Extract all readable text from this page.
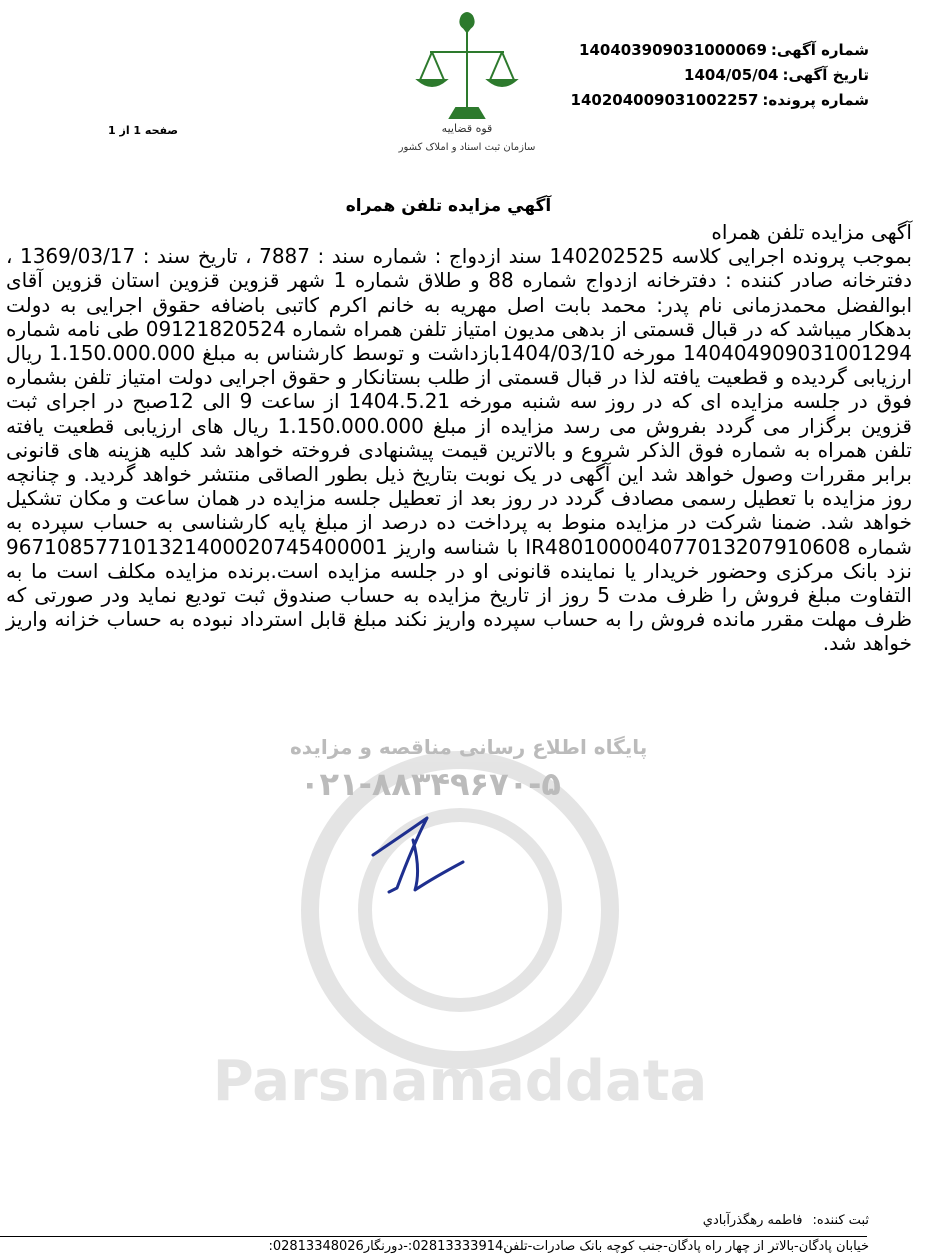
شماره آگهی:140403909031000069
تاریخ آگهی:1404/05/04
شماره پرونده:140204009031002257
صفحه 1 از 1	قوه قضاییه
سازمان ثبت اسناد و املاک کشور
آگهي مزايده تلفن همراه
Parsnamaddata
پایگاه اطلاع رسانی مناقصه و مزایده
۰۲۱-۸۸۳۴۹۶۷۰-۵

آگهی مزایده تلفن همراه

بموجب پرونده اجرایی کلاسه 140202525 سند ازدواج : شماره سند : 7887 ، تاریخ سند : 1369/03/17 ، دفترخانه صادر کننده : دفترخانه ازدواج شماره 88 و طلاق شماره 1 شهر قزوین قزوین استان قزوین آقای ابوالفضل محمدزمانی نام پدر: محمد بابت اصل مهریه به خانم اکرم کاتبی باضافه حقوق اجرایی به دولت بدهکار میباشد که در قبال قسمتی از بدهی مدیون امتیاز تلفن همراه شماره 09121820524 طی نامه شماره 140404909031001294 مورخه 1404/03/10بازداشت و توسط کارشناس به مبلغ 1.150.000.000 ریال ارزیابی گردیده و قطعیت یافته لذا در قبال قسمتی از طلب بستانکار و حقوق اجرایی دولت امتیاز تلفن بشماره فوق در جلسه مزایده ای که در روز سه شنبه مورخه 1404.5.21 از ساعت 9 الی 12صبح در اجرای ثبت قزوین برگزار می گردد بفروش می رسد مزایده از مبلغ 1.150.000.000 ریال های ارزیابی قطعیت یافته تلفن همراه به شماره فوق الذکر شروع و بالاترین قیمت پیشنهادی فروخته خواهد شد کلیه هزینه های قانونی برابر مقررات وصول خواهد شد این آگهی در یک نوبت بتاریخ ذیل بطور الصاقی منتشر خواهد گردید. و چنانچه روز مزایده با تعطیل رسمی مصادف گردد در روز بعد از تعطیل جلسه مزایده در همان ساعت و مکان تشکیل خواهد شد. ضمنا شرکت در مزایده منوط به پرداخت ده درصد از مبلغ پایه کارشناسی به حساب سپرده به شماره IR480100004077013207910608 با شناسه واریز 967108577101321400020745400001 نزد بانک مرکزی وحضور خریدار یا نماینده قانونی او در جلسه مزایده است.برنده مزایده مکلف است ما به التفاوت مبلغ فروش را ظرف مدت 5 روز از تاریخ مزایده به حساب صندوق ثبت تودیع نماید ودر صورتی که ظرف مهلت مقرر مانده فروش را به حساب سپرده واریز نکند مبلغ قابل استرداد نبوده به حساب خزانه واریز خواهد شد.

ثبت کننده:فاطمه رهگذرآبادي
خیابان پادگان-بالاتر از چهار راه پادگان-جنب کوچه بانک صادرات-تلفن02813333914:-دورنگار02813348026:
